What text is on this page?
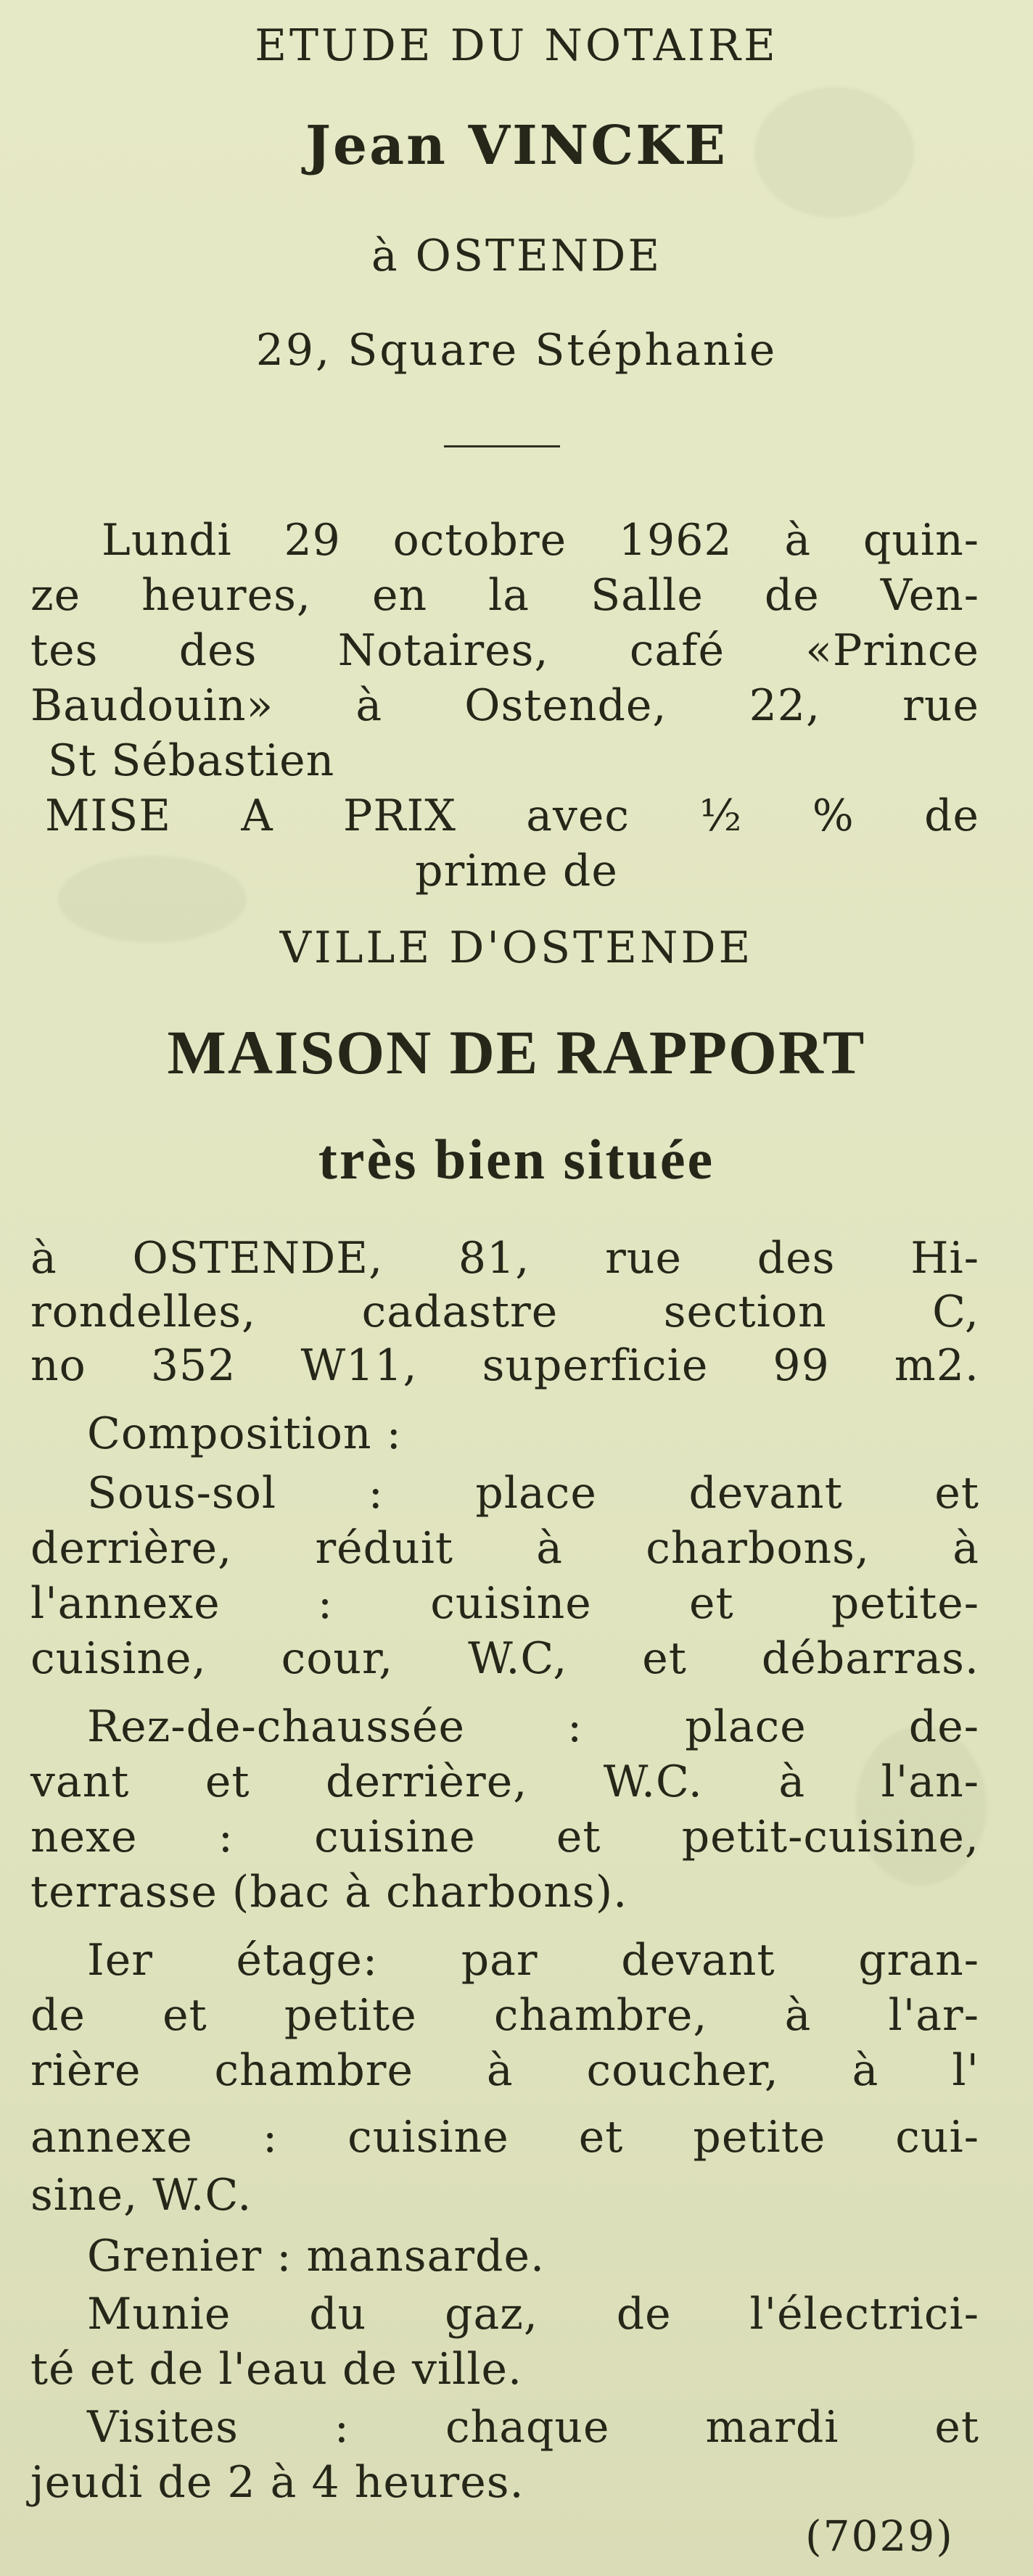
ETUDE DU NOTAIRE
Jean VINCKE
à OSTENDE
29, Square Stéphanie
Lundi 29 octobre 1962 à quin-
ze heures, en la Salle de Ven-
tes des Notaires, café «Prince
Baudouin» à Ostende, 22, rue
St Sébastien
MISE A PRIX avec ½ % de
prime de
VILLE D'OSTENDE
MAISON DE RAPPORT
très bien située
à OSTENDE, 81, rue des Hi-
rondelles, cadastre section C,
no 352 W11, superficie 99 m2.
Composition :
Sous-sol : place devant et
derrière, réduit à charbons, à
l'annexe : cuisine et petite-
cuisine, cour, W.C, et débarras.
Rez-de-chaussée : place de-
vant et derrière, W.C. à l'an-
nexe : cuisine et petit-cuisine,
terrasse (bac à charbons).
Ier étage: par devant gran-
de et petite chambre, à l'ar-
rière chambre à coucher, à l'
annexe : cuisine et petite cui-
sine, W.C.
Grenier : mansarde.
Munie du gaz, de l'électrici-
té et de l'eau de ville.
Visites : chaque mardi et
jeudi de 2 à 4 heures.
(7029)
